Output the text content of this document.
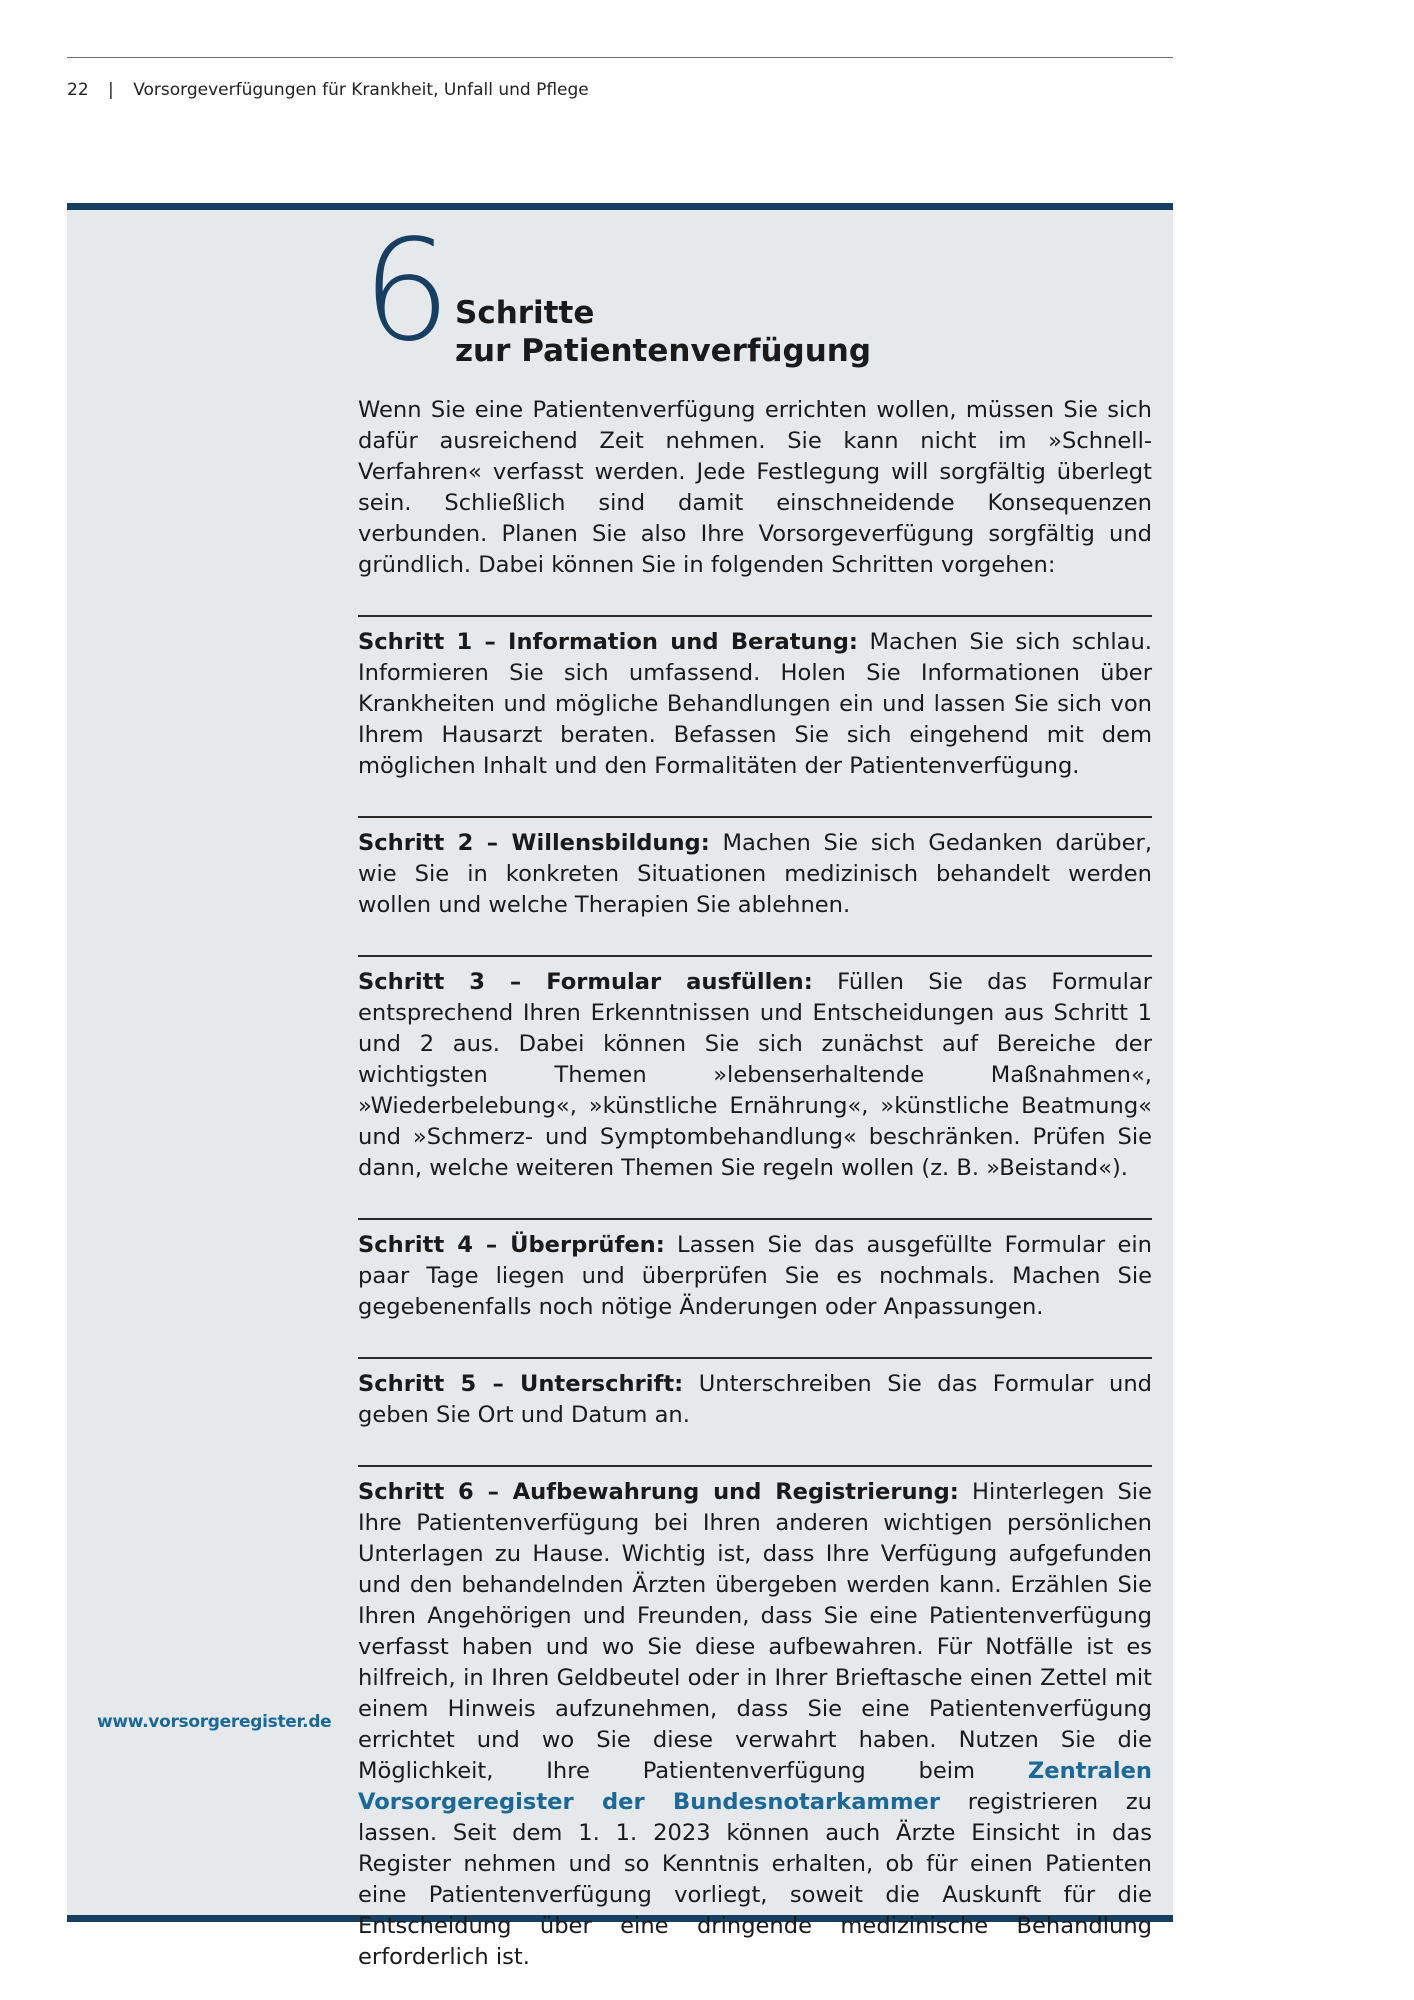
22 | Vorsorgeverfügungen für Krankheit, Unfall und Pflege
www.vorsorgeregister.de
6 Schritte
zur Patientenverfügung

Wenn Sie eine Patientenverfügung errichten wollen, müssen Sie sich dafür ausreichend Zeit nehmen. Sie kann nicht im »Schnell-Verfahren« verfasst werden. Jede Festlegung will sorgfältig überlegt sein. Schließlich sind damit einschneidende Konsequenzen verbunden. Planen Sie also Ihre Vorsorgeverfügung sorgfältig und gründlich. Dabei können Sie in folgenden Schritten vorgehen:

Schritt 1 – Information und Beratung: Machen Sie sich schlau. Informieren Sie sich umfassend. Holen Sie Informationen über Krankheiten und mögliche Behandlungen ein und lassen Sie sich von Ihrem Hausarzt beraten. Befassen Sie sich eingehend mit dem möglichen Inhalt und den Formalitäten der Patientenverfügung.
Schritt 2 – Willensbildung: Machen Sie sich Gedanken darüber, wie Sie in konkreten Situationen medizinisch behandelt werden wollen und welche Therapien Sie ablehnen.
Schritt 3 – Formular ausfüllen: Füllen Sie das Formular entsprechend Ihren Erkenntnissen und Entscheidungen aus Schritt 1 und 2 aus. Dabei können Sie sich zunächst auf Bereiche der wichtigsten Themen »lebenserhaltende Maßnahmen«, »Wiederbelebung«, »künstliche Ernährung«, »künstliche Beatmung« und »Schmerz- und Symptombehandlung« beschränken. Prüfen Sie dann, welche weiteren Themen Sie regeln wollen (z. B. »Beistand«).
Schritt 4 – Überprüfen: Lassen Sie das ausgefüllte Formular ein paar Tage liegen und überprüfen Sie es nochmals. Machen Sie gegebenenfalls noch nötige Änderungen oder Anpassungen.
Schritt 5 – Unterschrift: Unterschreiben Sie das Formular und geben Sie Ort und Datum an.
Schritt 6 – Aufbewahrung und Registrierung: Hinterlegen Sie Ihre Patientenverfügung bei Ihren anderen wichtigen persönlichen Unterlagen zu Hause. Wichtig ist, dass Ihre Verfügung aufgefunden und den behandelnden Ärzten übergeben werden kann. Erzählen Sie Ihren Angehörigen und Freunden, dass Sie eine Patientenverfügung verfasst haben und wo Sie diese aufbewahren. Für Notfälle ist es hilfreich, in Ihren Geldbeutel oder in Ihrer Brieftasche einen Zettel mit einem Hinweis aufzunehmen, dass Sie eine Patientenverfügung errichtet und wo Sie diese verwahrt haben. Nutzen Sie die Möglichkeit, Ihre Patientenverfügung beim Zentralen Vorsorgeregister der Bundesnotarkammer registrieren zu lassen. Seit dem 1. 1. 2023 können auch Ärzte Einsicht in das Register nehmen und so Kenntnis erhalten, ob für einen Patienten eine Patientenverfügung vorliegt, soweit die Auskunft für die Entscheidung über eine dringende medizinische Behandlung erforderlich ist.
